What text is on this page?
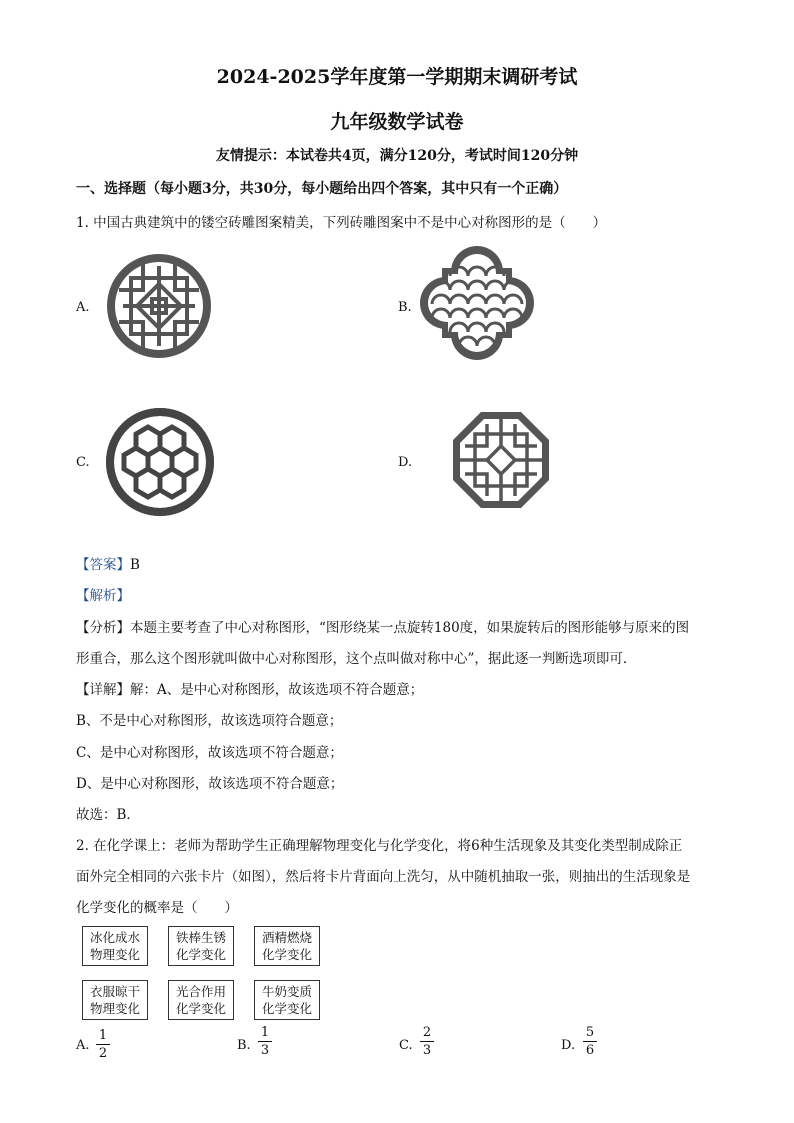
2024-2025学年度第一学期期末调研考试
九年级数学试卷
友情提示：本试卷共4页，满分120分，考试时间120分钟
一、选择题（每小题3分，共30分，每小题给出四个答案，其中只有一个正确）
1. 中国古典建筑中的镂空砖雕图案精美，下列砖雕图案中不是中心对称图形的是（　　）
A.	B.
C.	D.
【答案】B
【解析】
【分析】本题主要考查了中心对称图形，“图形绕某一点旋转180度，如果旋转后的图形能够与原来的图
形重合，那么这个图形就叫做中心对称图形，这个点叫做对称中心”，据此逐一判断选项即可．
【详解】解：A、是中心对称图形，故该选项不符合题意；
B、不是中心对称图形，故该选项符合题意；
C、是中心对称图形，故该选项不符合题意；
D、是中心对称图形，故该选项不符合题意；
故选：B．
2. 在化学课上：老师为帮助学生正确理解物理变化与化学变化，将6种生活现象及其变化类型制成除正
面外完全相同的六张卡片（如图），然后将卡片背面向上洗匀，从中随机抽取一张，则抽出的生活现象是
化学变化的概率是（　　）
冰化成水
物理变化
铁棒生锈
化学变化
酒精燃烧
化学变化
衣服晾干
物理变化
光合作用
化学变化
牛奶变质
化学变化
A.
1
2
B.
1
3	C.
2
3	D.
5
6
